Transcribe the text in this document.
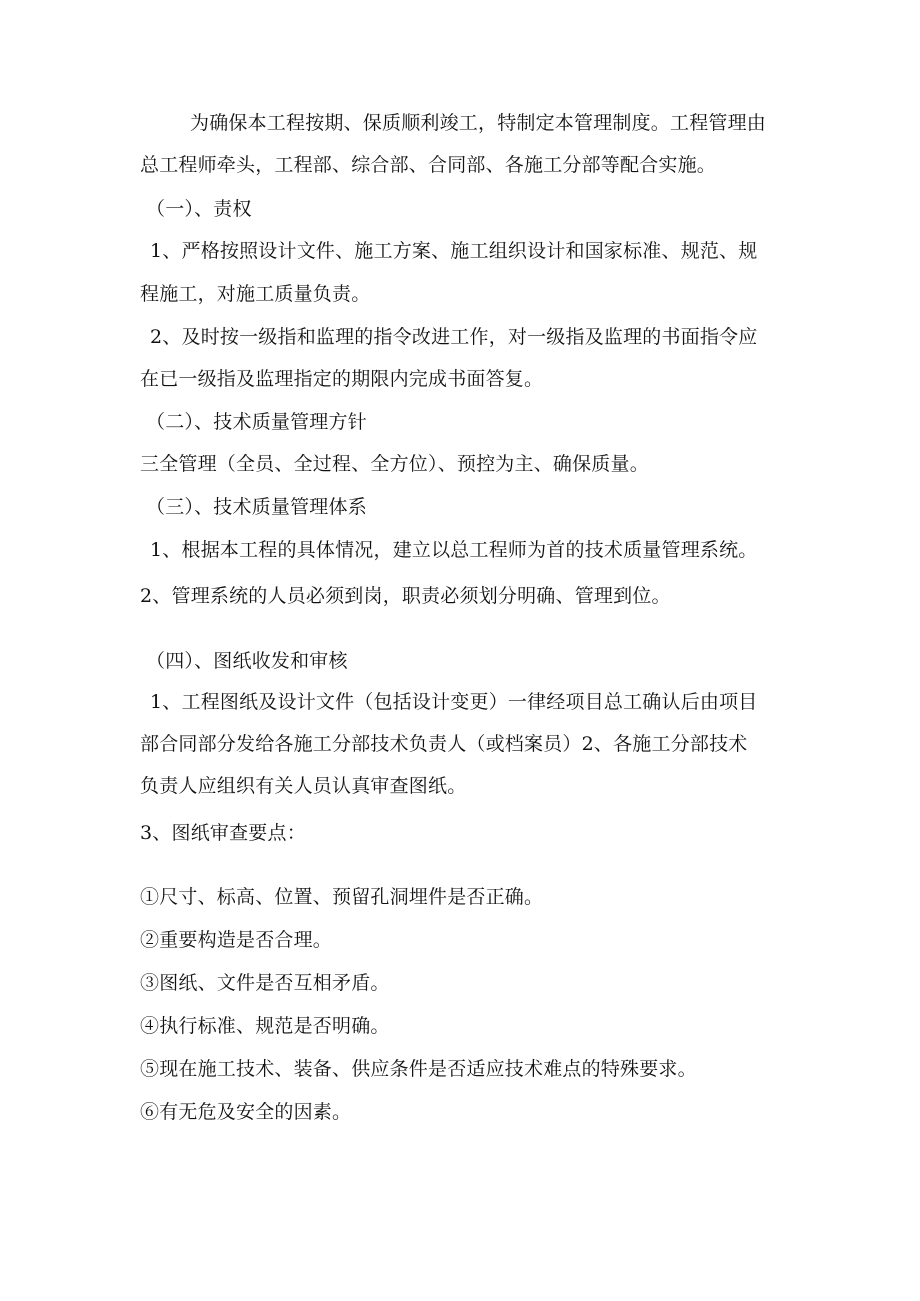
为确保本工程按期、保质顺利竣工，特制定本管理制度。工程管理由
总工程师牵头，工程部、综合部、合同部、各施工分部等配合实施。
（一）、责权
1、严格按照设计文件、施工方案、施工组织设计和国家标准、规范、规
程施工，对施工质量负责。
2、及时按一级指和监理的指令改进工作，对一级指及监理的书面指令应
在已一级指及监理指定的期限内完成书面答复。
（二）、技术质量管理方针
三全管理（全员、全过程、全方位）、预控为主、确保质量。
（三）、技术质量管理体系
1、根据本工程的具体情况，建立以总工程师为首的技术质量管理系统。
2、管理系统的人员必须到岗，职责必须划分明确、管理到位。
（四）、图纸收发和审核
1、工程图纸及设计文件（包括设计变更）一律经项目总工确认后由项目
部合同部分发给各施工分部技术负责人（或档案员）2、各施工分部技术
负责人应组织有关人员认真审查图纸。
3、图纸审查要点：
①尺寸、标高、位置、预留孔洞埋件是否正确。
②重要构造是否合理。
③图纸、文件是否互相矛盾。
④执行标准、规范是否明确。
⑤现在施工技术、装备、供应条件是否适应技术难点的特殊要求。
⑥有无危及安全的因素。
